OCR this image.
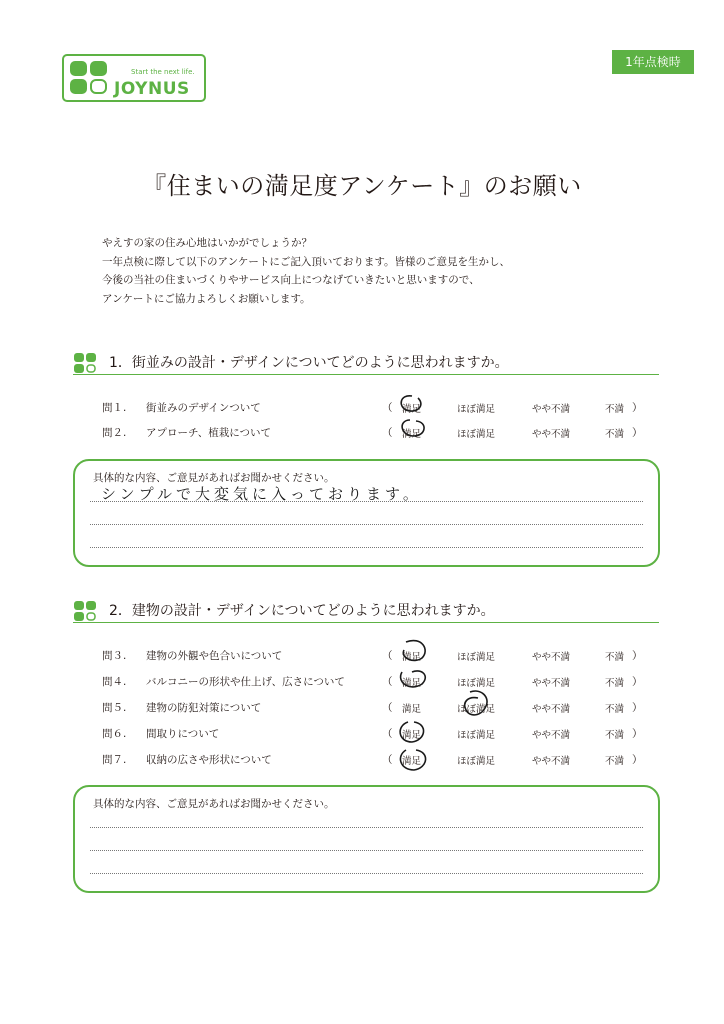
Start the next life.
JOYNUS
1年点検時
『住まいの満足度アンケート』のお願い
やえすの家の住み心地はいかがでしょうか？
一年点検に際して以下のアンケートにご記入頂いております。皆様のご意見を生かし、
今後の当社の住まいづくりやサービス向上につなげていきたいと思いますので、
アンケートにご協力よろしくお願いします。
1．街並みの設計・デザインについてどのように思われますか。
問１. 街並みのデザインついて	（ 満足	ほぼ満足	やや不満	不満 ）
問２. アプローチ、植栽について	（ 満足	ほぼ満足	やや不満	不満 ）
具体的な内容、ご意見があればお聞かせください。
シンプルで大変気に入っております。
2．建物の設計・デザインについてどのように思われますか。
問３. 建物の外観や色合いについて	（ 満足	ほぼ満足	やや不満	不満 ）
問４. バルコニーの形状や仕上げ、広さについて	（ 満足	ほぼ満足	やや不満	不満 ）
問５. 建物の防犯対策について	（ 満足	ほぼ満足	やや不満	不満 ）
問６. 間取りについて	（ 満足	ほぼ満足	やや不満	不満 ）
問７. 収納の広さや形状について	（ 満足	ほぼ満足	やや不満	不満 ）
具体的な内容、ご意見があればお聞かせください。
